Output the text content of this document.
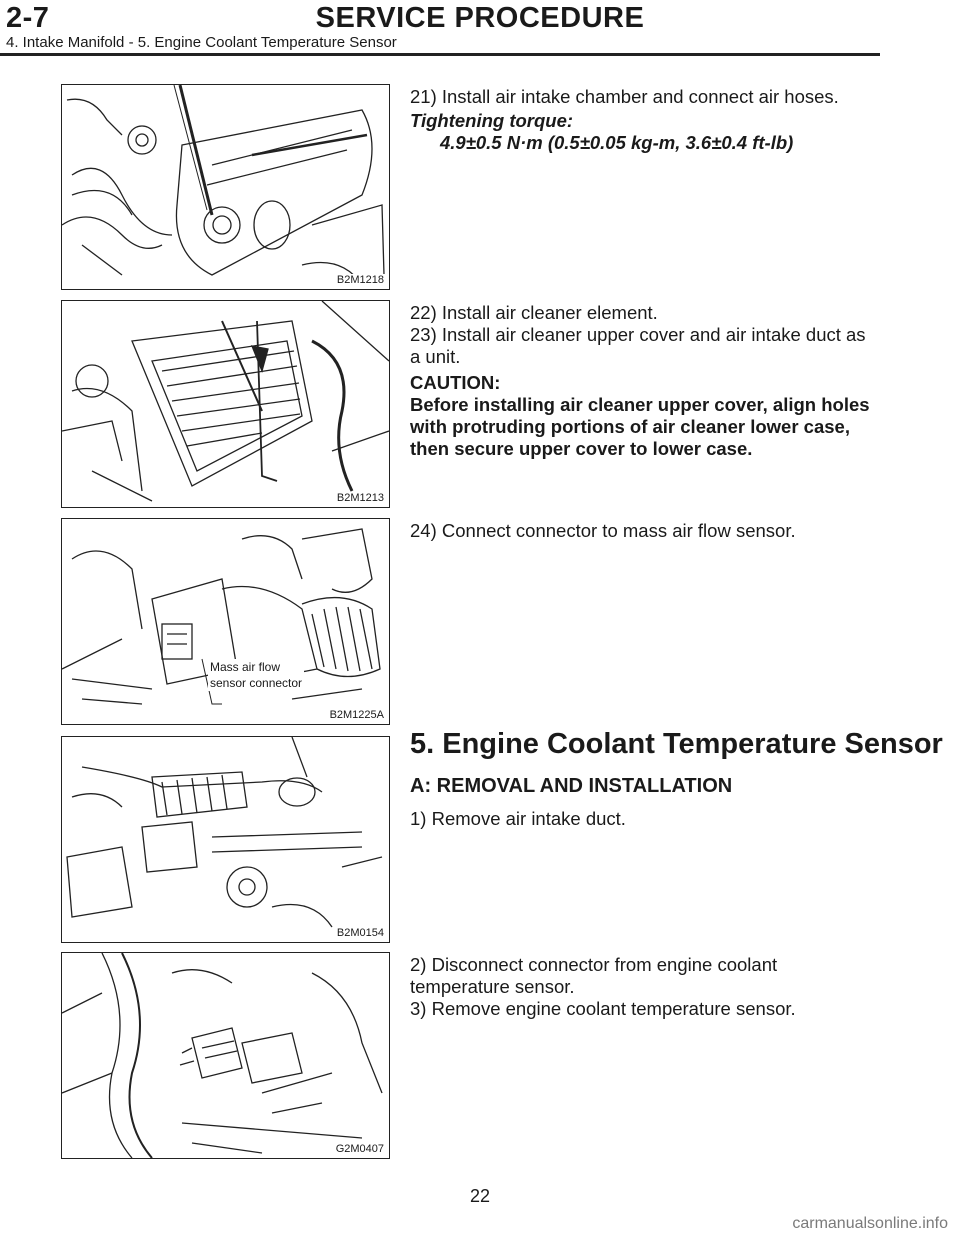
2-7	SERVICE PROCEDURE
4. Intake Manifold - 5. Engine Coolant Temperature Sensor
B2M1218

21) Install air intake chamber and connect air hoses.

Tightening torque:

4.9±0.5 N·m (0.5±0.05 kg-m, 3.6±0.4 ft-lb)

B2M1213

22) Install air cleaner element.

23) Install air cleaner upper cover and air intake duct as a unit.

CAUTION:

Before installing air cleaner upper cover, align holes with protruding portions of air cleaner lower case, then secure upper cover to lower case.

Mass air flow
sensor connector
B2M1225A

24) Connect connector to mass air flow sensor.

5. Engine Coolant Temperature Sensor
A: REMOVAL AND INSTALLATION

1) Remove air intake duct.

B2M0154
G2M0407

2) Disconnect connector from engine coolant temperature sensor.

3) Remove engine coolant temperature sensor.

22
carmanualsonline.info
